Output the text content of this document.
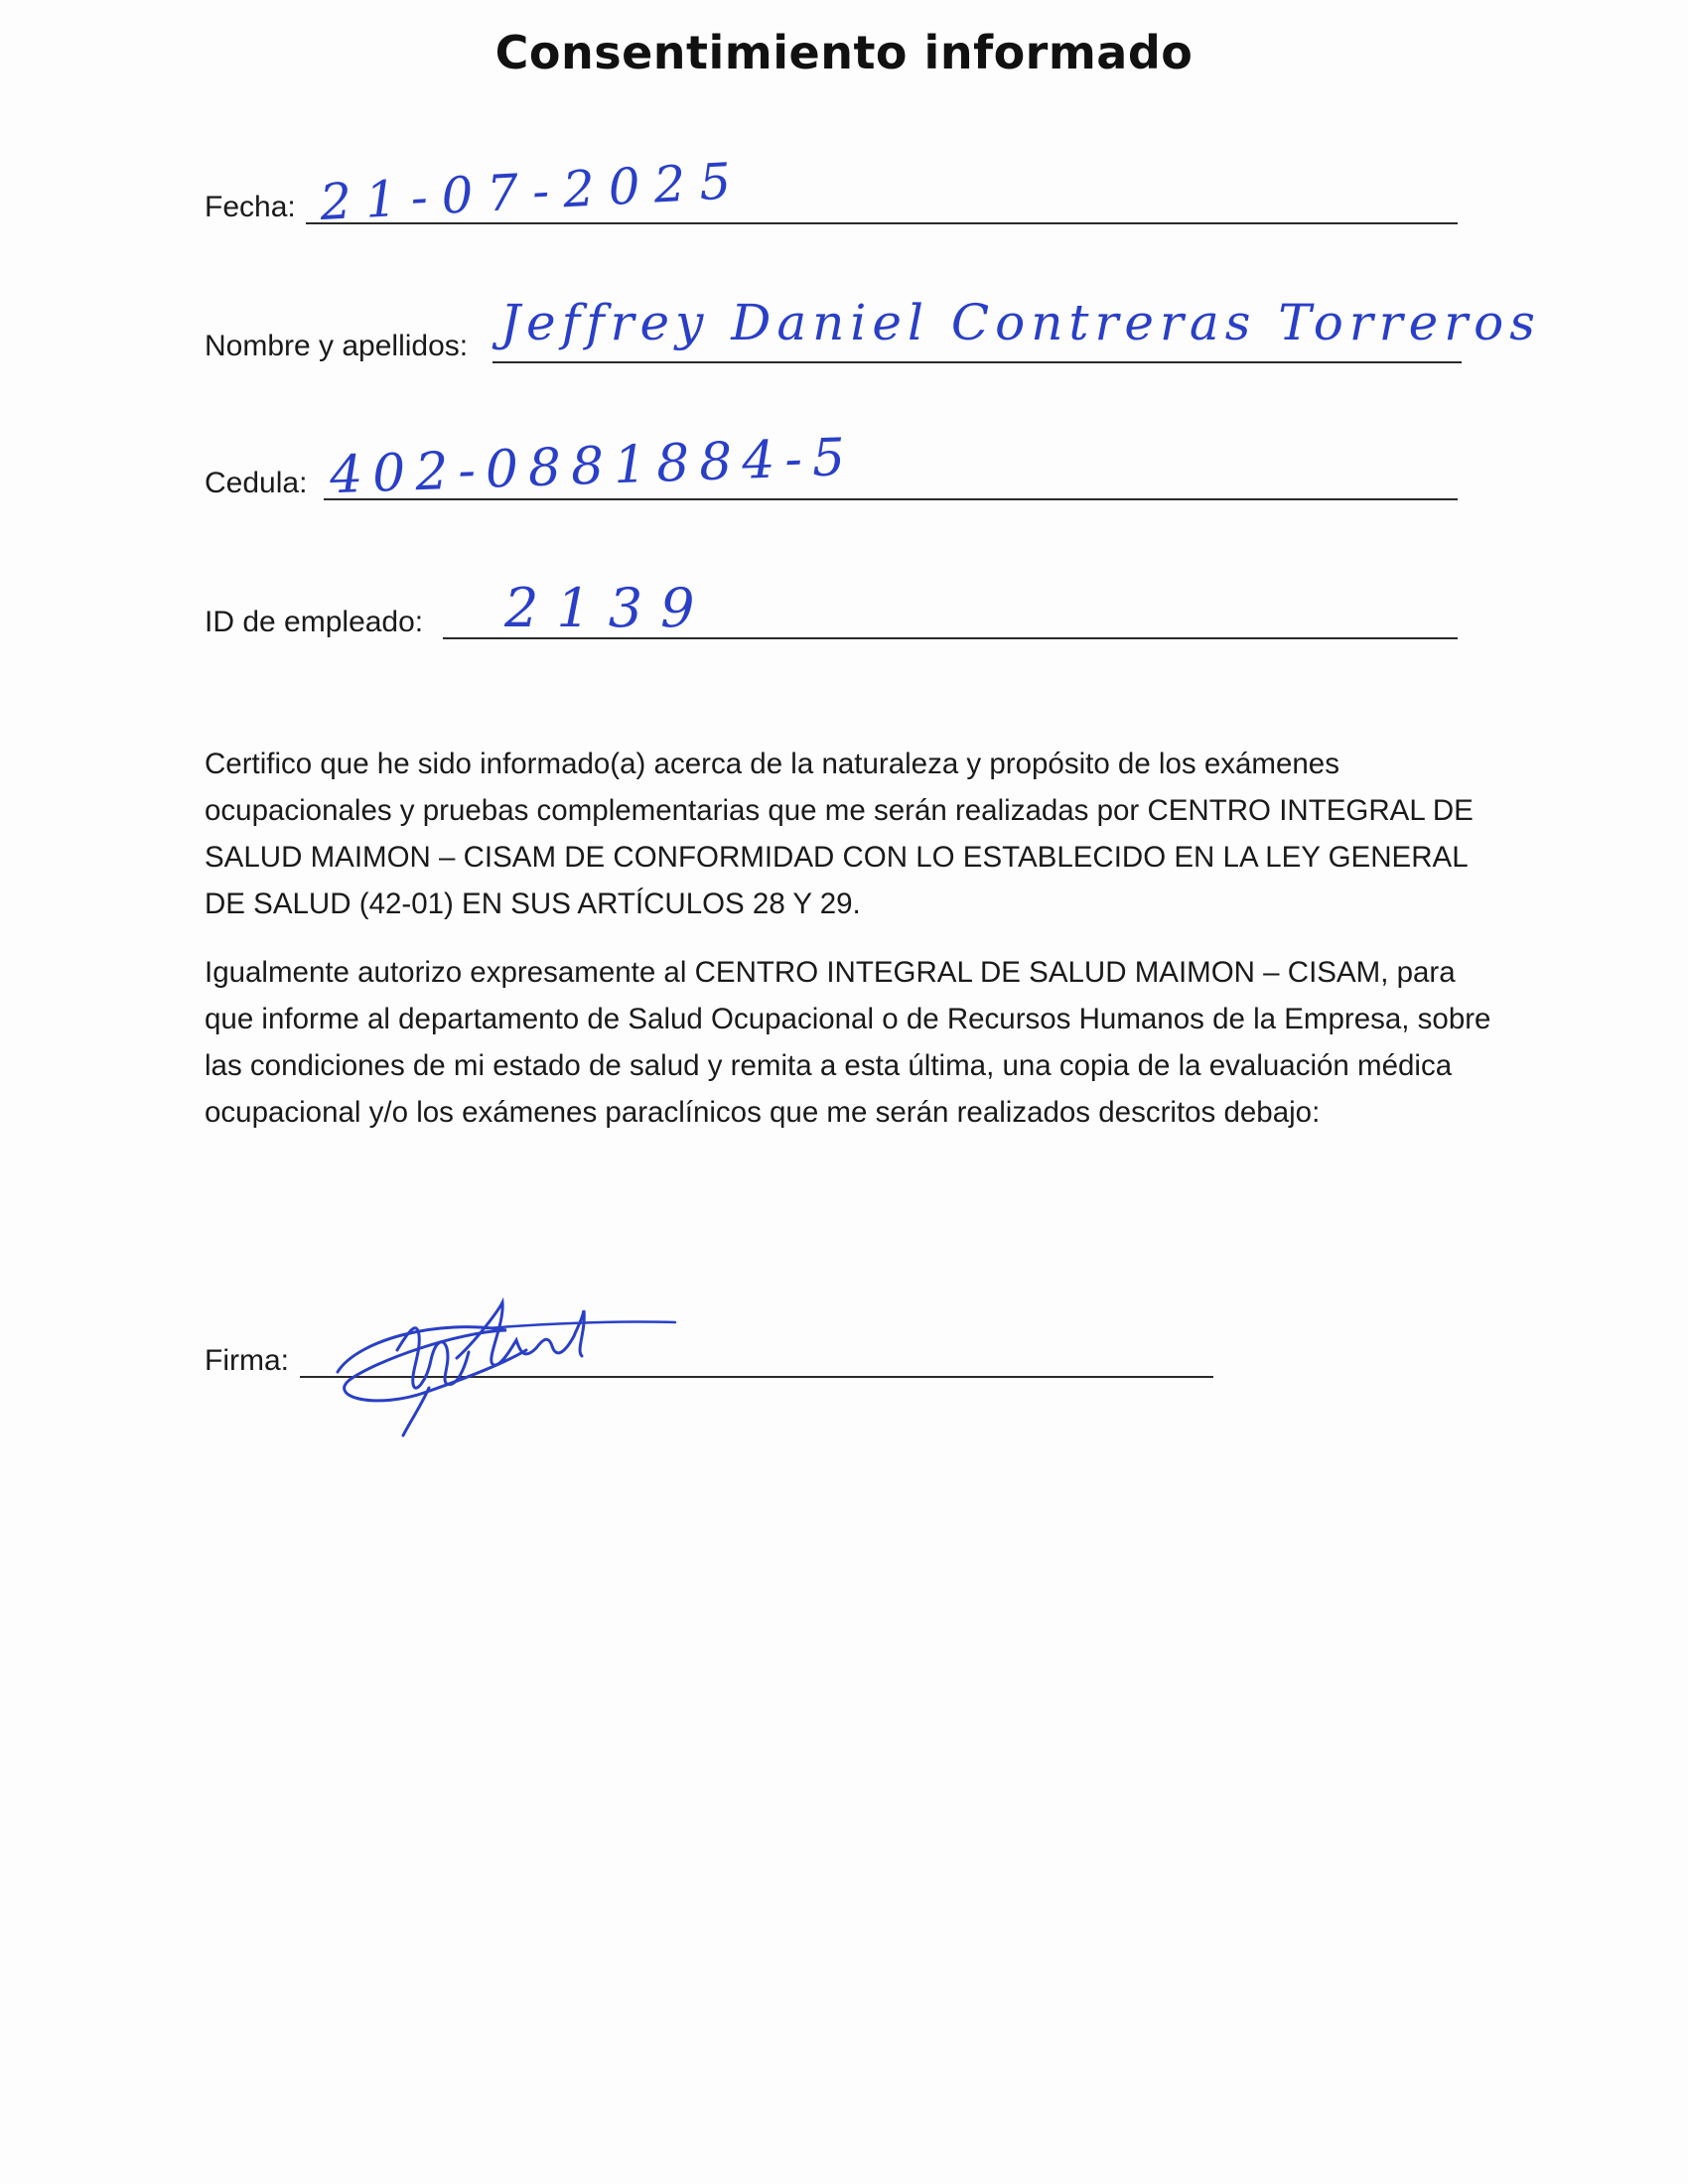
Consentimiento informado
Fecha: 21-07-2025
Nombre y apellidos: Jeffrey Daniel Contreras Torreros
Cedula: 402-0881884-5
ID de empleado: 2139

Certifico que he sido informado(a) acerca de la naturaleza y propósito de los exámenes ocupacionales y pruebas complementarias que me serán realizadas por CENTRO INTEGRAL DE SALUD MAIMON – CISAM DE CONFORMIDAD CON LO ESTABLECIDO EN LA LEY GENERAL DE SALUD (42-01) EN SUS ARTÍCULOS 28 Y 29.

Igualmente autorizo expresamente al CENTRO INTEGRAL DE SALUD MAIMON – CISAM, para que informe al departamento de Salud Ocupacional o de Recursos Humanos de la Empresa, sobre las condiciones de mi estado de salud y remita a esta última, una copia de la evaluación médica ocupacional y/o los exámenes paraclínicos que me serán realizados descritos debajo:

Firma:
